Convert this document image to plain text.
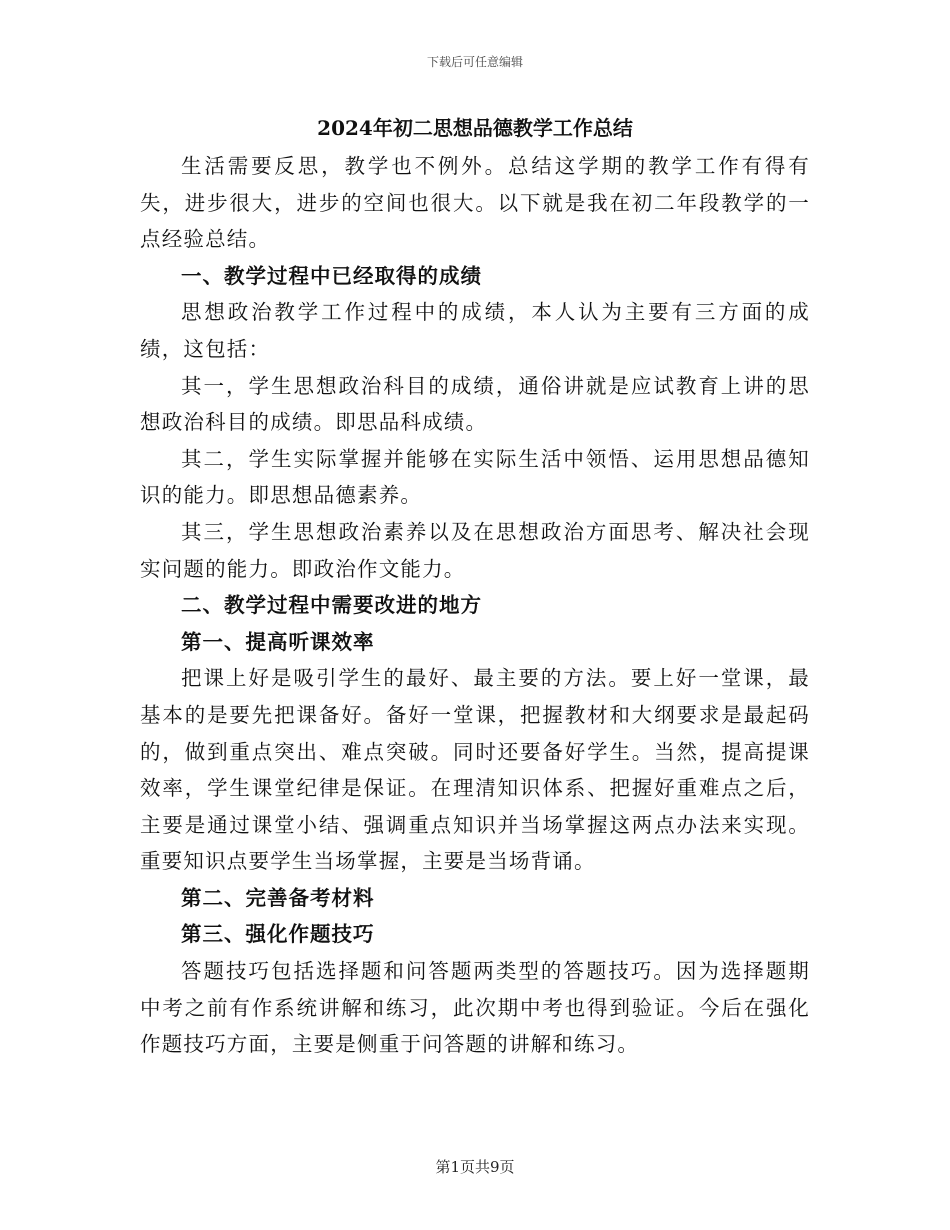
下载后可任意编辑
2024年初二思想品德教学工作总结

生活需要反思，教学也不例外。总结这学期的教学工作有得有失，进步很大，进步的空间也很大。以下就是我在初二年段教学的一点经验总结。

一、教学过程中已经取得的成绩

思想政治教学工作过程中的成绩，本人认为主要有三方面的成绩，这包括：

其一，学生思想政治科目的成绩，通俗讲就是应试教育上讲的思想政治科目的成绩。即思品科成绩。

其二，学生实际掌握并能够在实际生活中领悟、运用思想品德知识的能力。即思想品德素养。

其三，学生思想政治素养以及在思想政治方面思考、解决社会现实问题的能力。即政治作文能力。

二、教学过程中需要改进的地方

第一、提高听课效率

把课上好是吸引学生的最好、最主要的方法。要上好一堂课，最基本的是要先把课备好。备好一堂课，把握教材和大纲要求是最起码的，做到重点突出、难点突破。同时还要备好学生。当然，提高提课效率，学生课堂纪律是保证。在理清知识体系、把握好重难点之后，主要是通过课堂小结、强调重点知识并当场掌握这两点办法来实现。重要知识点要学生当场掌握，主要是当场背诵。

第二、完善备考材料

第三、强化作题技巧

答题技巧包括选择题和问答题两类型的答题技巧。因为选择题期中考之前有作系统讲解和练习，此次期中考也得到验证。今后在强化作题技巧方面，主要是侧重于问答题的讲解和练习。

第1页共9页
